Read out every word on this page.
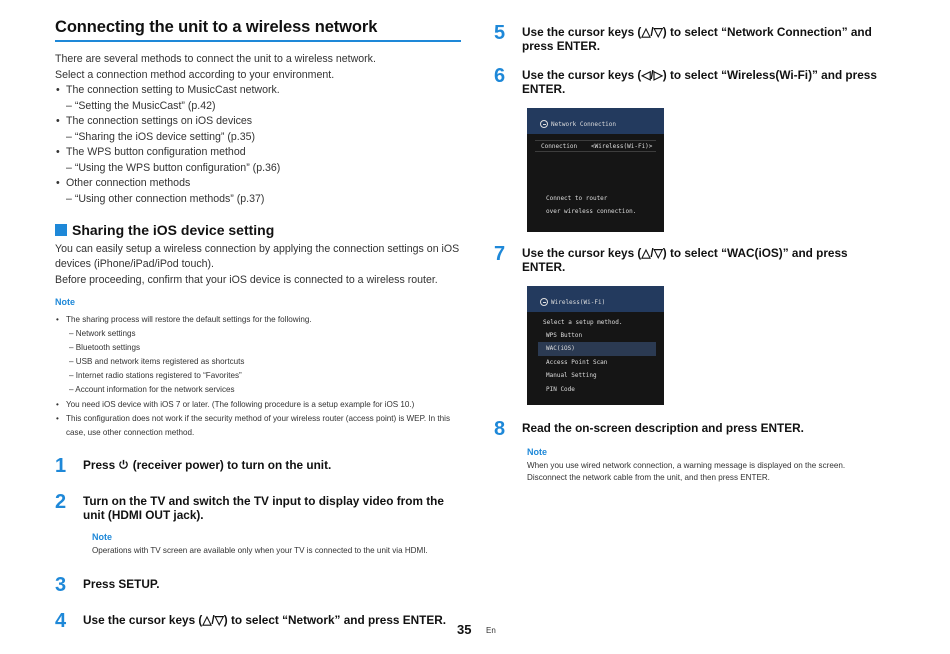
Connecting the unit to a wireless network

There are several methods to connect the unit to a wireless network.

Select a connection method according to your environment.

• The connection setting to MusicCast network.
– “Setting the MusicCast” (p.42)
• The connection settings on iOS devices
– “Sharing the iOS device setting” (p.35)
• The WPS button configuration method
– “Using the WPS button configuration” (p.36)
• Other connection methods
– “Using other connection methods” (p.37)
Sharing the iOS device setting

You can easily setup a wireless connection by applying the connection settings on iOS devices (iPhone/iPad/iPod touch).

Before proceeding, confirm that your iOS device is connected to a wireless router.

Note
• The sharing process will restore the default settings for the following.
– Network settings
– Bluetooth settings
– USB and network items registered as shortcuts
– Internet radio stations registered to “Favorites”
– Account information for the network services
• You need iOS device with iOS 7 or later. (The following procedure is a setup example for iOS 10.)
• This configuration does not work if the security method of your wireless router (access point) is WEP. In this case, use other connection method.
1	Press  (receiver power) to turn on the unit.
2	Turn on the TV and switch the TV input to display video from the unit (HDMI OUT jack).
Note

Operations with TV screen are available only when your TV is connected to the unit via HDMI.

3	Press SETUP.
4	Use the cursor keys (△/▽) to select “Network” and press ENTER.
5	Use the cursor keys (△/▽) to select “Network Connection” and press ENTER.
6	Use the cursor keys (◁/▷) to select “Wireless(Wi-Fi)” and press ENTER.
Network Connection
Connection <Wireless(Wi-Fi)>
Connect to router
over wireless connection.
7	Use the cursor keys (△/▽) to select “WAC(iOS)” and press ENTER.
Wireless(Wi-Fi)
Select a setup method.
WPS Button
WAC(iOS)
Access Point Scan
Manual Setting
PIN Code
8	Read the on-screen description and press ENTER.
Note

When you use wired network connection, a warning message is displayed on the screen.

Disconnect the network cable from the unit, and then press ENTER.

35 En
